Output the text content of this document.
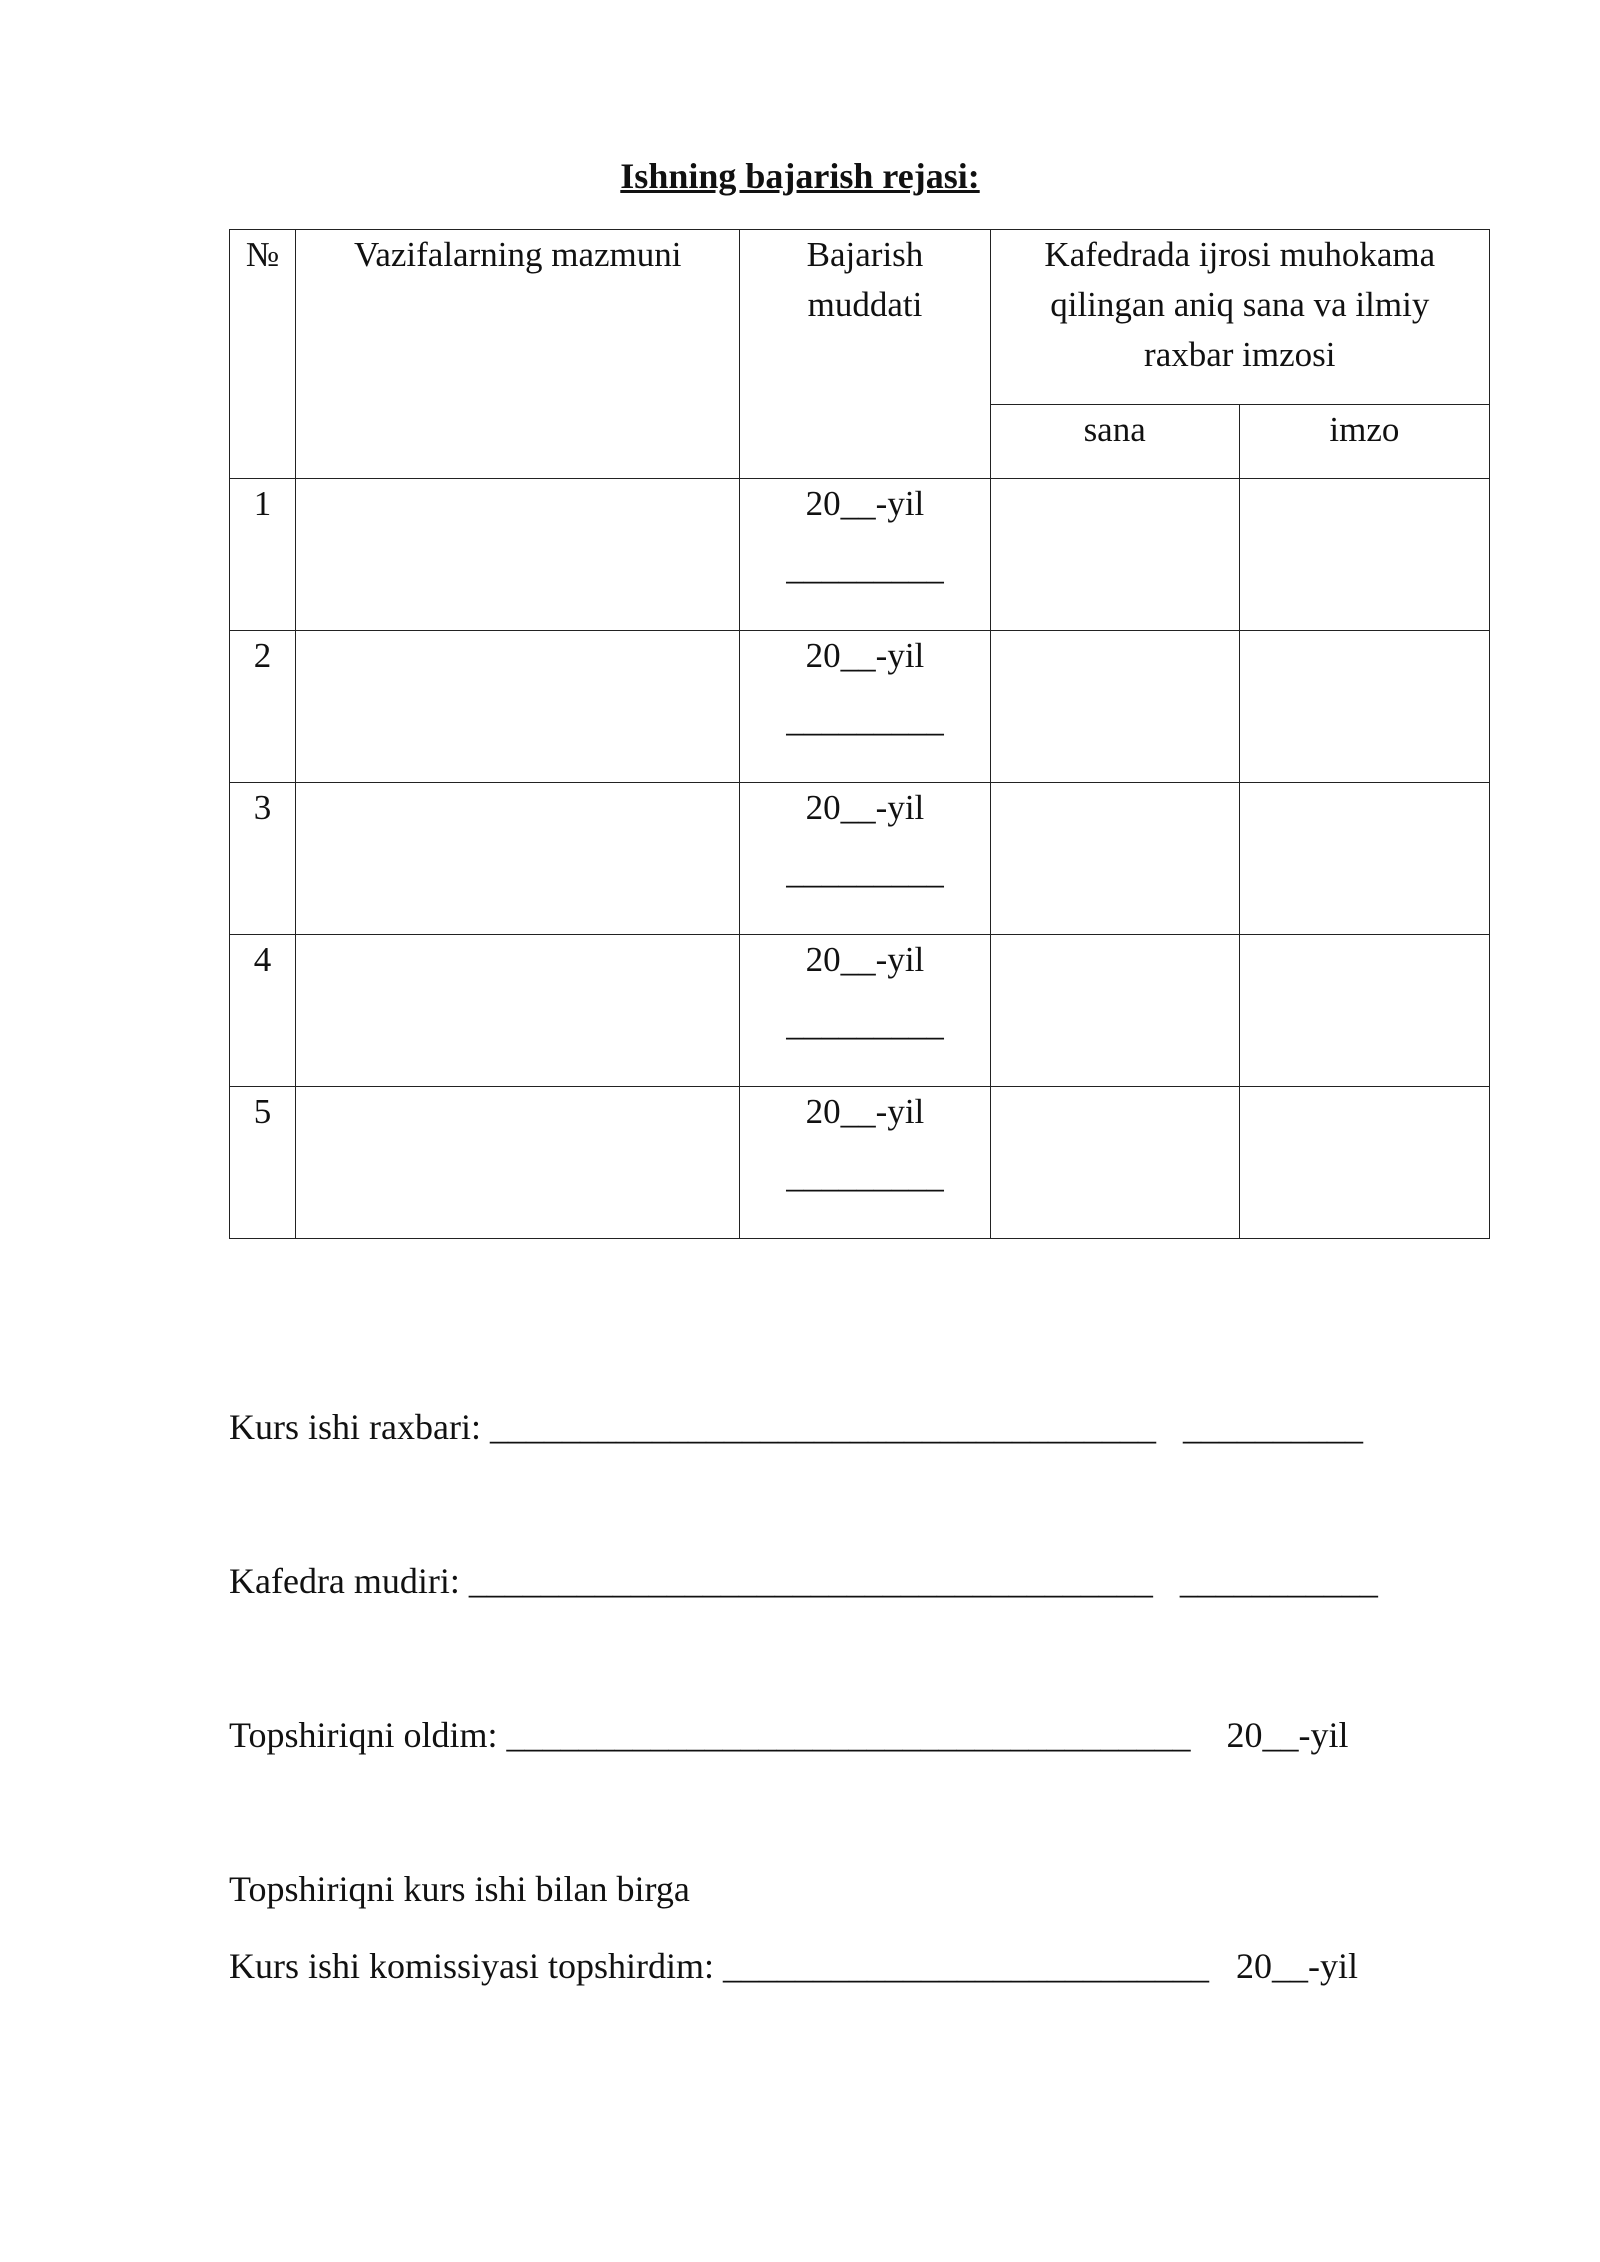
Ishning bajarish rejasi:
№	Vazifalarning mazmuni	Bajarish muddati	Kafedrada ijrosi muhokama qilingan aniq sana va ilmiy raxbar imzosi	

			sana	imzo
1		20__-yil
_________		

2		20__-yil
_________		

3		20__-yil
_________		

4		20__-yil
_________		

5		20__-yil
_________		

Kurs ishi raxbari: _____________________________________   __________
Kafedra mudiri: ______________________________________   ___________
Topshiriqni oldim: ______________________________________    20__-yil
Topshiriqni kurs ishi bilan birga
Kurs ishi komissiyasi topshirdim: ___________________________   20__-yil
